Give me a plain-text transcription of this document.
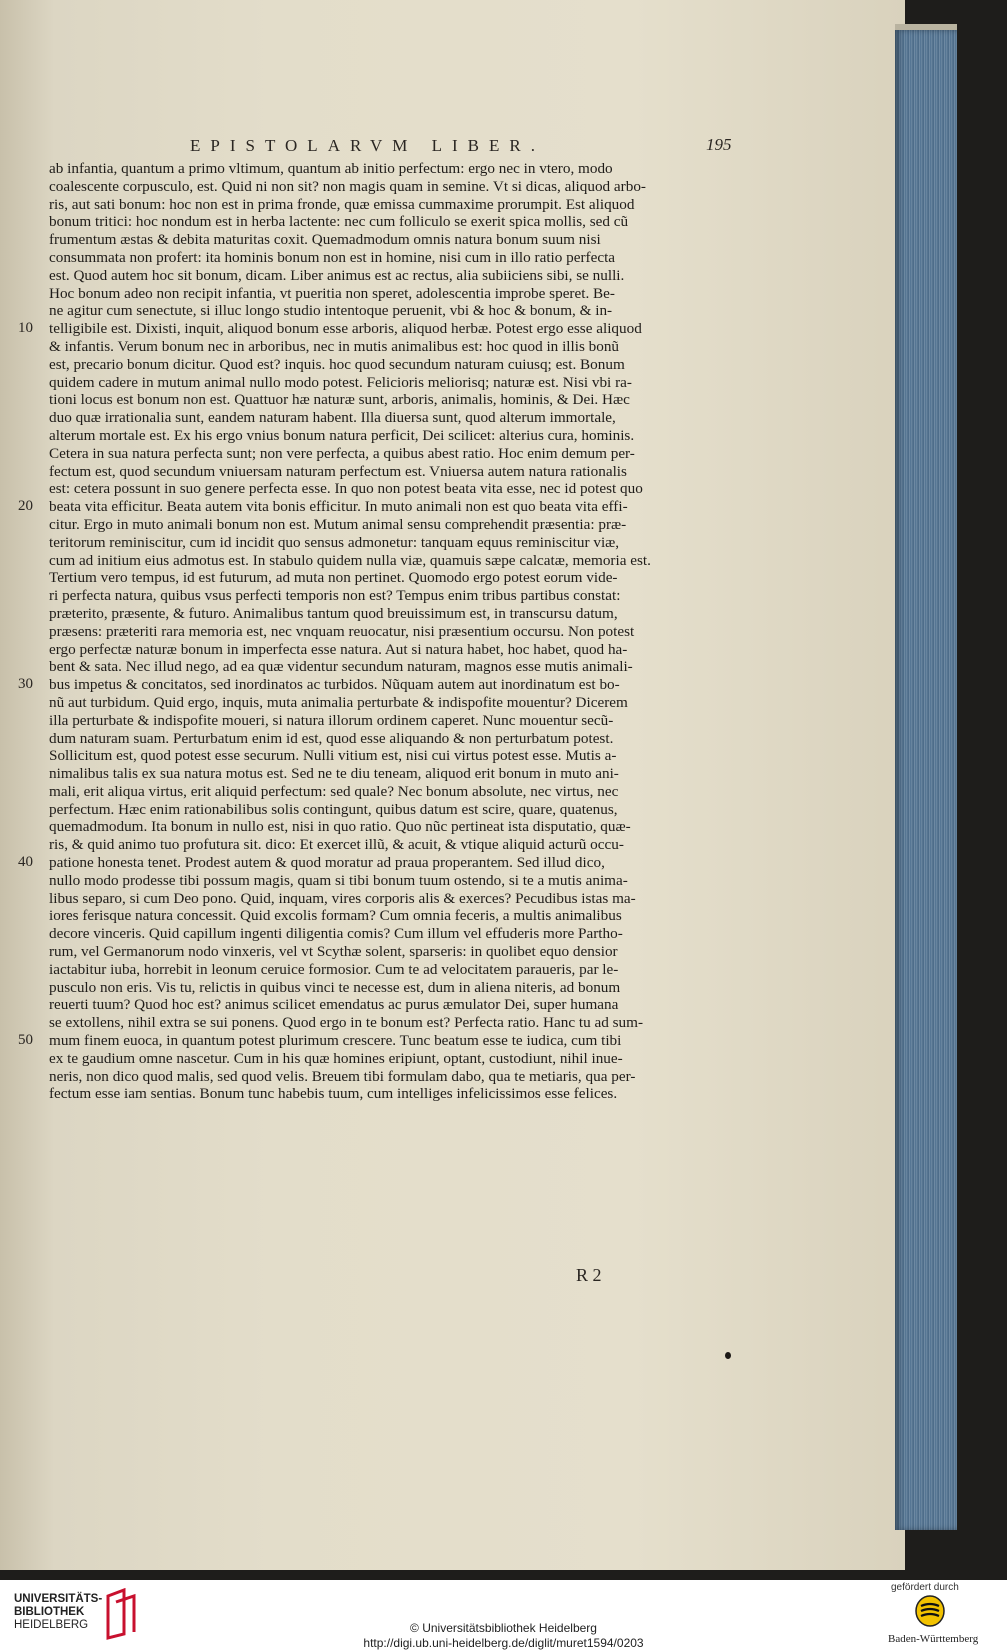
EPISTOLARVM LIBER.	195
ab infantia, quantum a primo vltimum, quantum ab initio perfectum: ergo nec in vtero, modo
coalescente corpusculo, est. Quid ni non sit? non magis quam in semine. Vt si dicas, aliquod arbo-
ris, aut sati bonum: hoc non est in prima fronde, quæ emissa cummaxime prorumpit. Est aliquod
bonum tritici: hoc nondum est in herba lactente: nec cum folliculo se exerit spica mollis, sed cũ
frumentum æstas & debita maturitas coxit. Quemadmodum omnis natura bonum suum nisi
consummata non profert: ita hominis bonum non est in homine, nisi cum in illo ratio perfecta
est. Quod autem hoc sit bonum, dicam. Liber animus est ac rectus, alia subiiciens sibi, se nulli.
Hoc bonum adeo non recipit infantia, vt pueritia non speret, adolescentia improbe speret. Be-
ne agitur cum senectute, si illuc longo studio intentoque peruenit, vbi & hoc & bonum, & in-
telligibile est. Dixisti, inquit, aliquod bonum esse arboris, aliquod herbæ. Potest ergo esse aliquod
& infantis. Verum bonum nec in arboribus, nec in mutis animalibus est: hoc quod in illis bonũ
est, precario bonum dicitur. Quod est? inquis. hoc quod secundum naturam cuiusq; est. Bonum
quidem cadere in mutum animal nullo modo potest. Felicioris meliorisq; naturæ est. Nisi vbi ra-
tioni locus est bonum non est. Quattuor hæ naturæ sunt, arboris, animalis, hominis, & Dei. Hæc
duo quæ irrationalia sunt, eandem naturam habent. Illa diuersa sunt, quod alterum immortale,
alterum mortale est. Ex his ergo vnius bonum natura perficit, Dei scilicet: alterius cura, hominis.
Cetera in sua natura perfecta sunt; non vere perfecta, a quibus abest ratio. Hoc enim demum per-
fectum est, quod secundum vniuersam naturam perfectum est. Vniuersa autem natura rationalis
est: cetera possunt in suo genere perfecta esse. In quo non potest beata vita esse, nec id potest quo
beata vita efficitur. Beata autem vita bonis efficitur. In muto animali non est quo beata vita effi-
citur. Ergo in muto animali bonum non est. Mutum animal sensu comprehendit præsentia: præ-
teritorum reminiscitur, cum id incidit quo sensus admonetur: tanquam equus reminiscitur viæ,
cum ad initium eius admotus est. In stabulo quidem nulla viæ, quamuis sæpe calcatæ, memoria est.
Tertium vero tempus, id est futurum, ad muta non pertinet. Quomodo ergo potest eorum vide-
ri perfecta natura, quibus vsus perfecti temporis non est? Tempus enim tribus partibus constat:
præterito, præsente, & futuro. Animalibus tantum quod breuissimum est, in transcursu datum,
præsens: præteriti rara memoria est, nec vnquam reuocatur, nisi præsentium occursu. Non potest
ergo perfectæ naturæ bonum in imperfecta esse natura. Aut si natura habet, hoc habet, quod ha-
bent & sata. Nec illud nego, ad ea quæ videntur secundum naturam, magnos esse mutis animali-
bus impetus & concitatos, sed inordinatos ac turbidos. Nũquam autem aut inordinatum est bo-
nũ aut turbidum. Quid ergo, inquis, muta animalia perturbate & indispofite mouentur? Dicerem
illa perturbate & indispofite moueri, si natura illorum ordinem caperet. Nunc mouentur secũ-
dum naturam suam. Perturbatum enim id est, quod esse aliquando & non perturbatum potest.
Sollicitum est, quod potest esse securum. Nulli vitium est, nisi cui virtus potest esse. Mutis a-
nimalibus talis ex sua natura motus est. Sed ne te diu teneam, aliquod erit bonum in muto ani-
mali, erit aliqua virtus, erit aliquid perfectum: sed quale? Nec bonum absolute, nec virtus, nec
perfectum. Hæc enim rationabilibus solis contingunt, quibus datum est scire, quare, quatenus,
quemadmodum. Ita bonum in nullo est, nisi in quo ratio. Quo nũc pertineat ista disputatio, quæ-
ris, & quid animo tuo profutura sit. dico: Et exercet illũ, & acuit, & vtique aliquid acturũ occu-
patione honesta tenet. Prodest autem & quod moratur ad praua properantem. Sed illud dico,
nullo modo prodesse tibi possum magis, quam si tibi bonum tuum ostendo, si te a mutis anima-
libus separo, si cum Deo pono. Quid, inquam, vires corporis alis & exerces? Pecudibus istas ma-
iores ferisque natura concessit. Quid excolis formam? Cum omnia feceris, a multis animalibus
decore vinceris. Quid capillum ingenti diligentia comis? Cum illum vel effuderis more Partho-
rum, vel Germanorum nodo vinxeris, vel vt Scythæ solent, sparseris: in quolibet equo densior
iactabitur iuba, horrebit in leonum ceruice formosior. Cum te ad velocitatem paraueris, par le-
pusculo non eris. Vis tu, relictis in quibus vinci te necesse est, dum in aliena niteris, ad bonum
reuerti tuum? Quod hoc est? animus scilicet emendatus ac purus æmulator Dei, super humana
se extollens, nihil extra se sui ponens. Quod ergo in te bonum est? Perfecta ratio. Hanc tu ad sum-
mum finem euoca, in quantum potest plurimum crescere. Tunc beatum esse te iudica, cum tibi
ex te gaudium omne nascetur. Cum in his quæ homines eripiunt, optant, custodiunt, nihil inue-
neris, non dico quod malis, sed quod velis. Breuem tibi formulam dabo, qua te metiaris, qua per-
fectum esse iam sentias. Bonum tunc habebis tuum, cum intelliges infelicissimos esse felices.
10
20
30
40
50
R 2
UNIVERSITÄTS-
BIBLIOTHEK
HEIDELBERG	© Universitätsbibliothek Heidelberg
http://digi.ub.uni-heidelberg.de/diglit/muret1594/0203
gefördert durch
Baden-Württemberg
